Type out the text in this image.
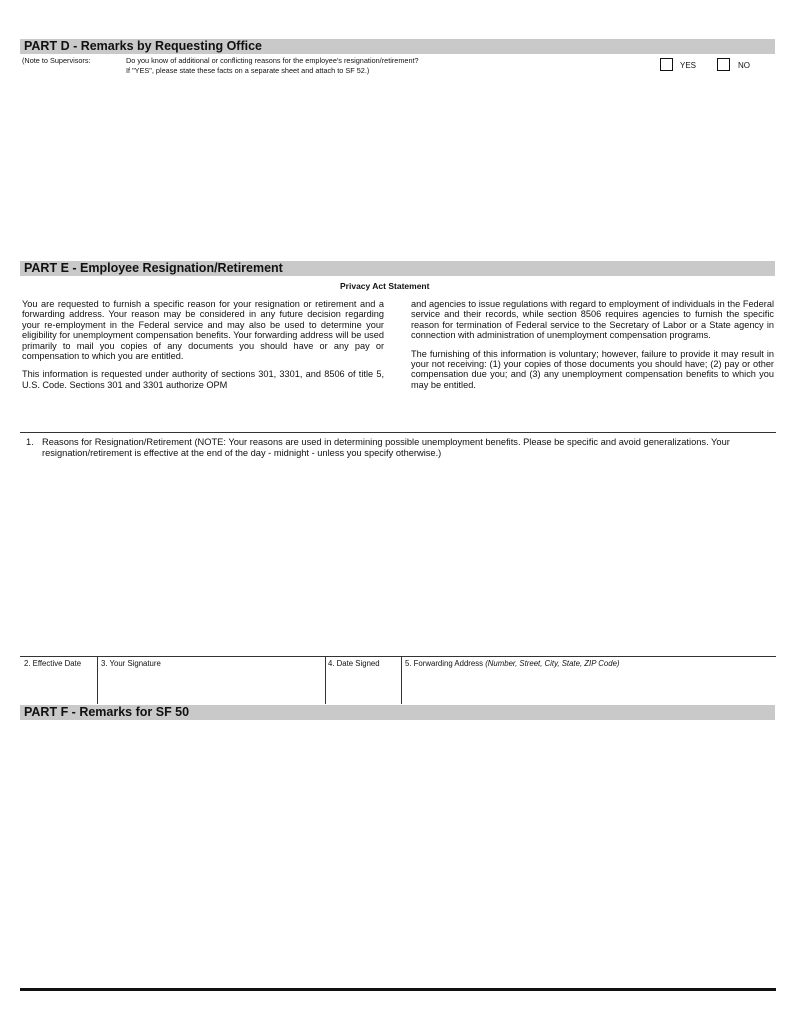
PART D - Remarks by Requesting Office
(Note to Supervisors:	Do you know of additional or conflicting reasons for the employee's resignation/retirement?
If "YES", please state these facts on a separate sheet and attach to SF 52.)
YES	NO
PART E - Employee Resignation/Retirement
Privacy Act Statement

You are requested to furnish a specific reason for your resignation or retirement and a forwarding address. Your reason may be considered in any future decision regarding your re-employment in the Federal service and may also be used to determine your eligibility for unemployment compensation benefits. Your forwarding address will be used primarily to mail you copies of any documents you should have or any pay or compensation to which you are entitled.

This information is requested under authority of sections 301, 3301, and 8506 of title 5, U.S. Code. Sections 301 and 3301 authorize OPM

and agencies to issue regulations with regard to employment of individuals in the Federal service and their records, while section 8506 requires agencies to furnish the specific reason for termination of Federal service to the Secretary of Labor or a State agency in connection with administration of unemployment compensation programs.

The furnishing of this information is voluntary; however, failure to provide it may result in your not receiving: (1) your copies of those documents you should have; (2) pay or other compensation due you; and (3) any unemployment compensation benefits to which you may be entitled.

1. Reasons for Resignation/Retirement (NOTE: Your reasons are used in determining possible unemployment benefits. Please be specific and avoid generalizations. Your resignation/retirement is effective at the end of the day - midnight - unless you specify otherwise.)
2. Effective Date	3. Your Signature	4. Date Signed	5. Forwarding Address (Number, Street, City, State, ZIP Code)
PART F - Remarks for SF 50
